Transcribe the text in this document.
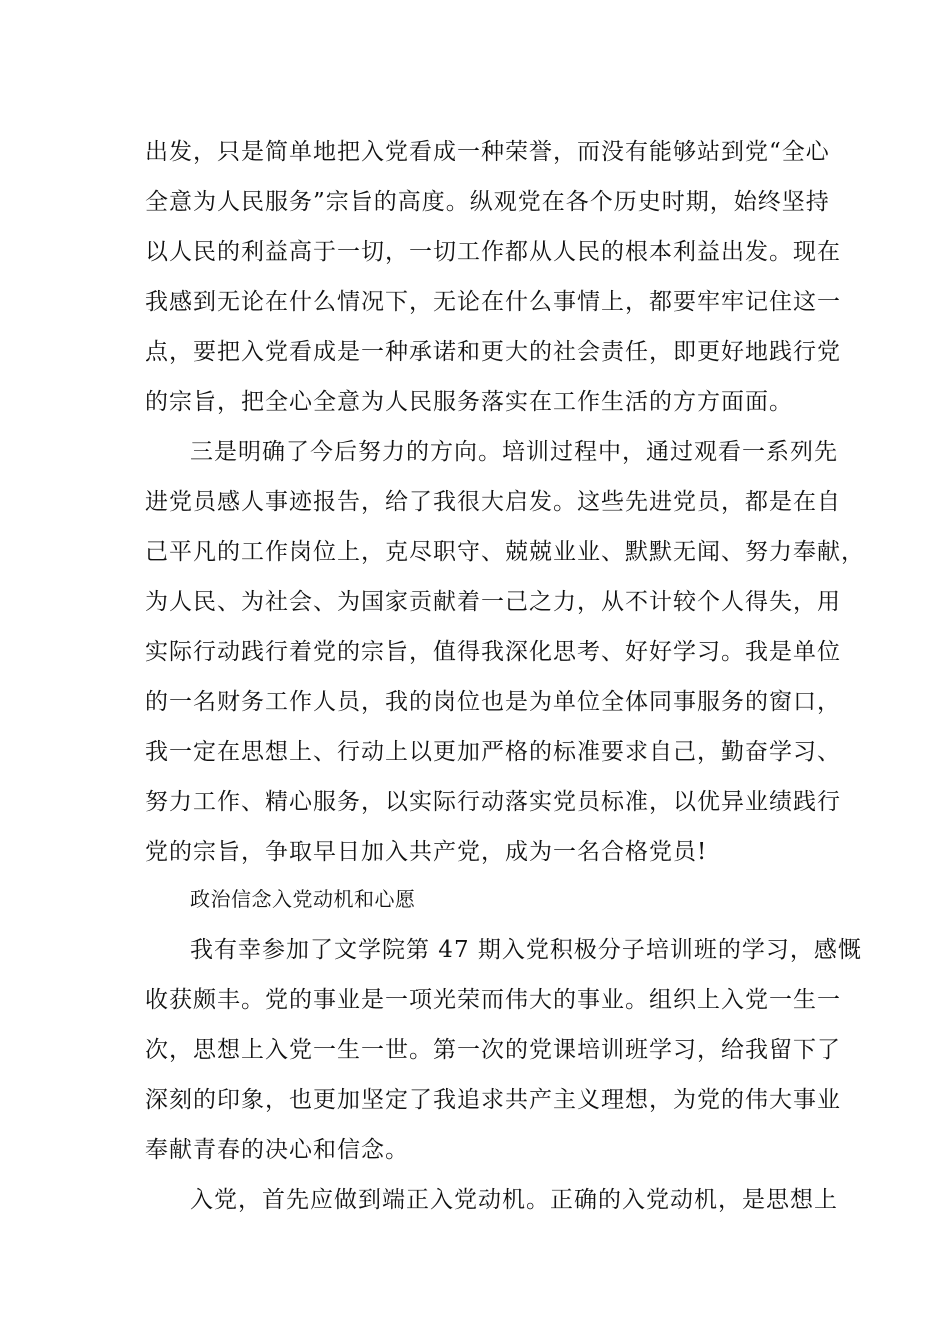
出发，只是简单地把入党看成一种荣誉，而没有能够站到党“全心
全意为人民服务”宗旨的高度。纵观党在各个历史时期，始终坚持
以人民的利益高于一切，一切工作都从人民的根本利益出发。现在
我感到无论在什么情况下，无论在什么事情上，都要牢牢记住这一
点，要把入党看成是一种承诺和更大的社会责任，即更好地践行党
的宗旨，把全心全意为人民服务落实在工作生活的方方面面。
三是明确了今后努力的方向。培训过程中，通过观看一系列先
进党员感人事迹报告，给了我很大启发。这些先进党员，都是在自
己平凡的工作岗位上，克尽职守、兢兢业业、默默无闻、努力奉献，
为人民、为社会、为国家贡献着一己之力，从不计较个人得失，用
实际行动践行着党的宗旨，值得我深化思考、好好学习。我是单位
的一名财务工作人员，我的岗位也是为单位全体同事服务的窗口，
我一定在思想上、行动上以更加严格的标准要求自己，勤奋学习、
努力工作、精心服务，以实际行动落实党员标准，以优异业绩践行
党的宗旨，争取早日加入共产党，成为一名合格党员!
政治信念入党动机和心愿
我有幸参加了文学院第 47 期入党积极分子培训班的学习，感慨
收获颇丰。党的事业是一项光荣而伟大的事业。组织上入党一生一
次，思想上入党一生一世。第一次的党课培训班学习，给我留下了
深刻的印象，也更加坚定了我追求共产主义理想，为党的伟大事业
奉献青春的决心和信念。
入党，首先应做到端正入党动机。正确的入党动机，是思想上
